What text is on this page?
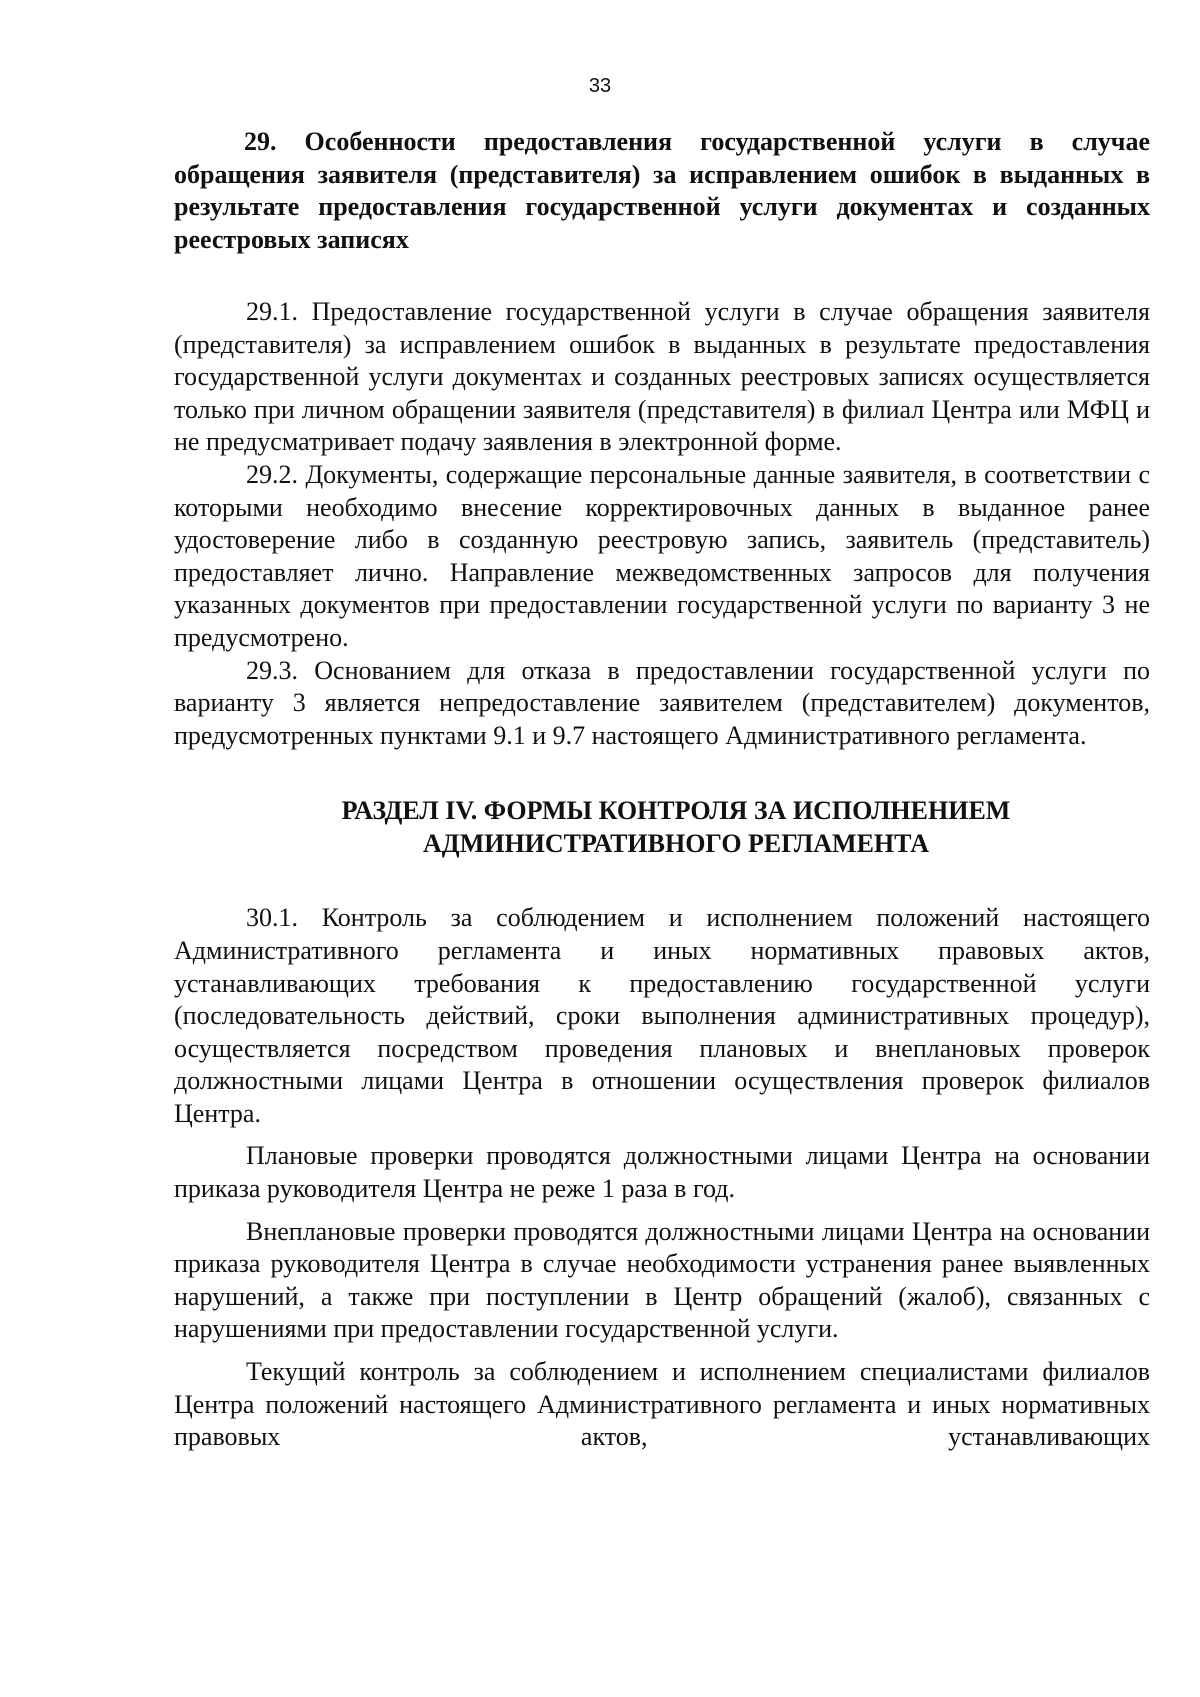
33

29. Особенности предоставления государственной услуги в случае обращения заявителя (представителя) за исправлением ошибок в выданных в результате предоставления государственной услуги документах и созданных реестровых записях

29.1. Предоставление государственной услуги в случае обращения заявителя (представителя) за исправлением ошибок в выданных в результате предоставления государственной услуги документах и созданных реестровых записях осуществляется только при личном обращении заявителя (представителя) в филиал Центра или МФЦ и не предусматривает подачу заявления в электронной форме.

29.2. Документы, содержащие персональные данные заявителя, в соответствии с которыми необходимо внесение корректировочных данных в выданное ранее удостоверение либо в созданную реестровую запись, заявитель (представитель) предоставляет лично. Направление межведомственных запросов для получения указанных документов при предоставлении государственной услуги по варианту 3 не предусмотрено.

29.3. Основанием для отказа в предоставлении государственной услуги по варианту 3 является непредоставление заявителем (представителем) документов, предусмотренных пунктами 9.1 и 9.7 настоящего Административного регламента.

РАЗДЕЛ IV. ФОРМЫ КОНТРОЛЯ ЗА ИСПОЛНЕНИЕМ
АДМИНИСТРАТИВНОГО РЕГЛАМЕНТА

30.1. Контроль за соблюдением и исполнением положений настоящего Административного регламента и иных нормативных правовых актов, устанавливающих требования к предоставлению государственной услуги (последовательность действий, сроки выполнения административных процедур), осуществляется посредством проведения плановых и внеплановых проверок должностными лицами Центра в отношении осуществления проверок филиалов Центра.

Плановые проверки проводятся должностными лицами Центра на основании приказа руководителя Центра не реже 1 раза в год.

Внеплановые проверки проводятся должностными лицами Центра на основании приказа руководителя Центра в случае необходимости устранения ранее выявленных нарушений, а также при поступлении в Центр обращений (жалоб), связанных с нарушениями при предоставлении государственной услуги.

Текущий контроль за соблюдением и исполнением специалистами филиалов Центра положений настоящего Административного регламента и иных нормативных правовых актов, устанавливающих
